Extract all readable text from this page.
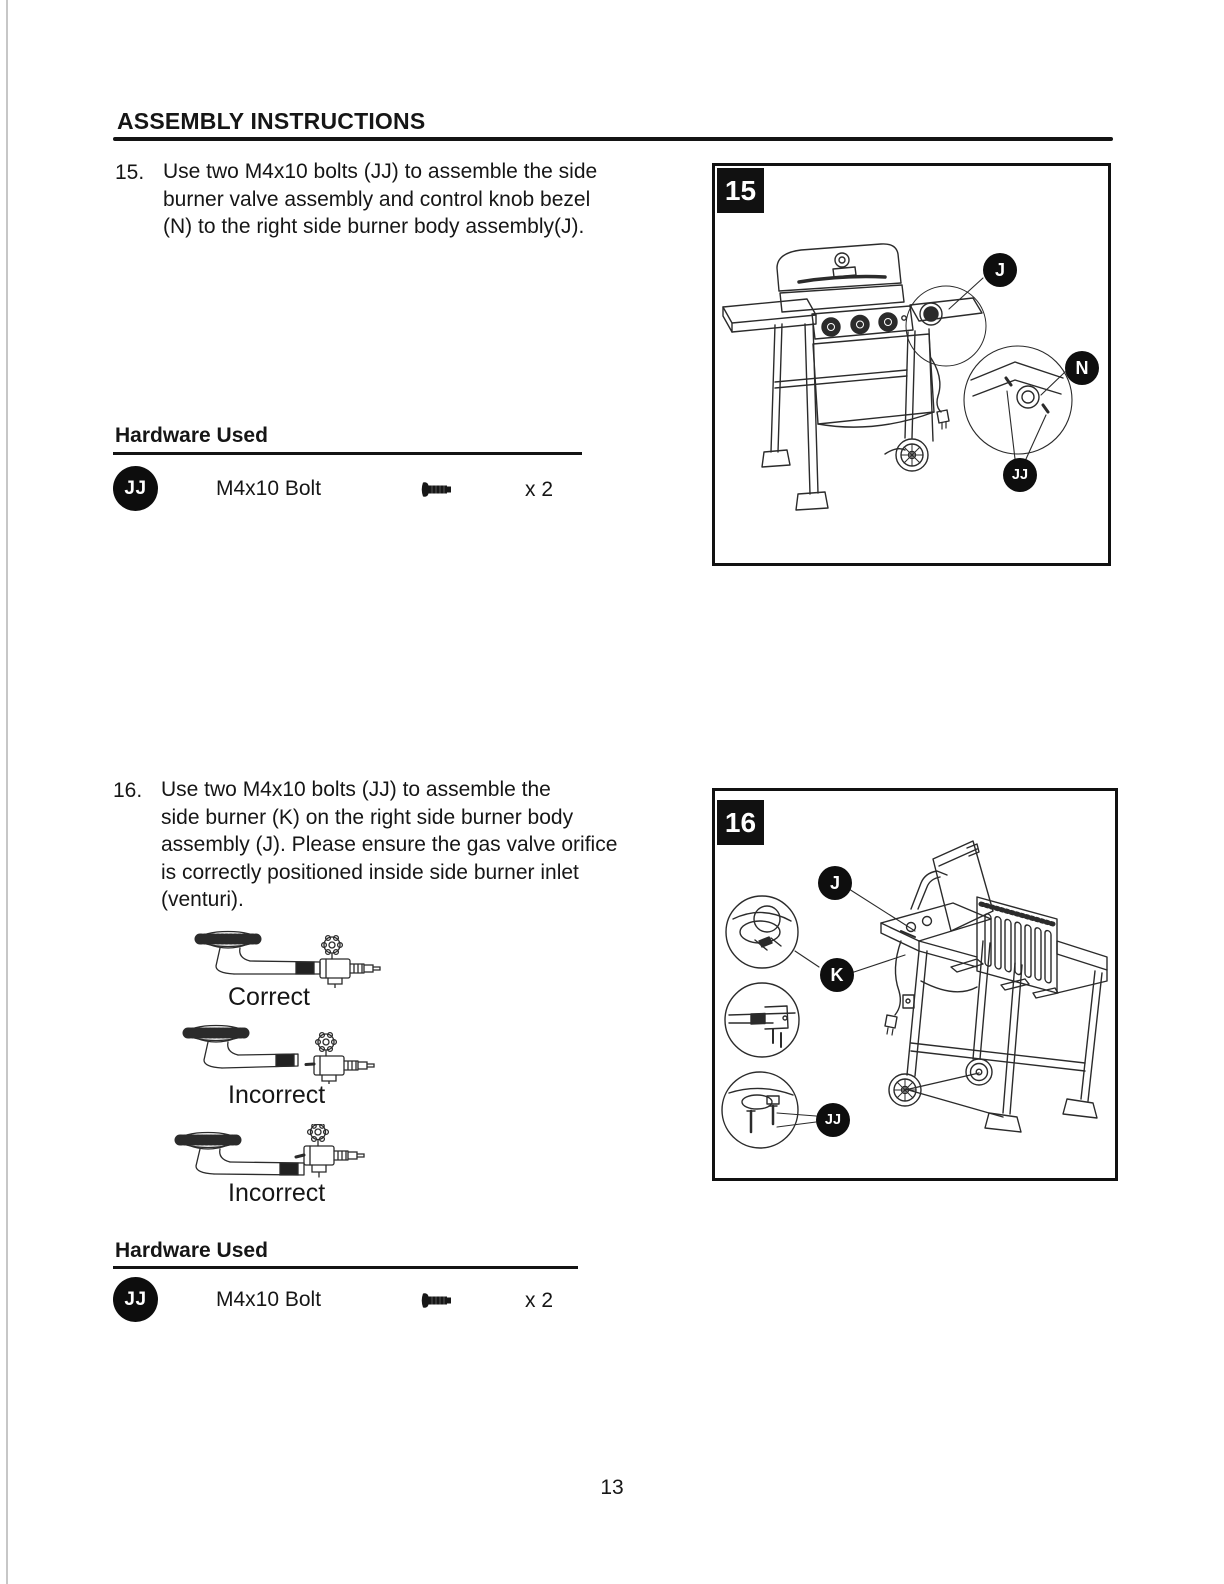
ASSEMBLY INSTRUCTIONS
15. Use two M4x10 bolts (JJ) to assemble the side
burner valve assembly and control knob bezel
(N) to the right side burner body assembly(J).
15
J
N
JJ
Hardware Used
JJ	M4x10 Bolt	x 2
16. Use two M4x10 bolts (JJ) to assemble the
side burner (K) on the right side burner body
assembly (J). Please ensure the gas valve orifice
is correctly positioned inside side burner inlet
(venturi).
Correct
Incorrect
Incorrect
16
J
K
JJ
Hardware Used
JJ	M4x10 Bolt	x 2
13
